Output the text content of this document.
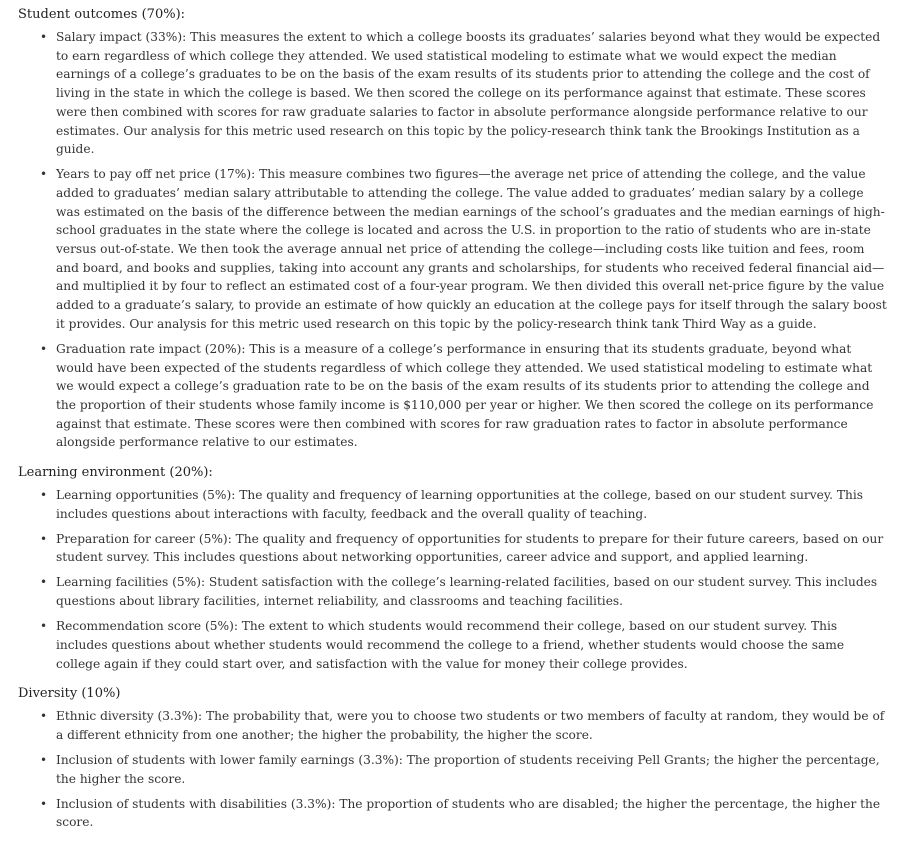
Student outcomes (70%):
• Salary impact (33%): This measures the extent to which a college boosts its graduates’ salaries beyond what they would be expected to earn regardless of which college they attended. We used statistical modeling to estimate what we would expect the median earnings of a college’s graduates to be on the basis of the exam results of its students prior to attending the college and the cost of living in the state in which the college is based. We then scored the college on its performance against that estimate. These scores were then combined with scores for raw graduate salaries to factor in absolute performance alongside performance relative to our estimates. Our analysis for this metric used research on this topic by the policy-research think tank the Brookings Institution as a guide.
• Years to pay off net price (17%): This measure combines two figures—the average net price of attending the college, and the value added to graduates’ median salary attributable to attending the college. The value added to graduates’ median salary by a college was estimated on the basis of the difference between the median earnings of the school’s graduates and the median earnings of high-school graduates in the state where the college is located and across the U.S. in proportion to the ratio of students who are in-state versus out-of-state. We then took the average annual net price of attending the college—including costs like tuition and fees, room and board, and books and supplies, taking into account any grants and scholarships, for students who received federal financial aid—and multiplied it by four to reflect an estimated cost of a four-year program. We then divided this overall net-price figure by the value added to a graduate’s salary, to provide an estimate of how quickly an education at the college pays for itself through the salary boost it provides. Our analysis for this metric used research on this topic by the policy-research think tank Third Way as a guide.
• Graduation rate impact (20%): This is a measure of a college’s performance in ensuring that its students graduate, beyond what would have been expected of the students regardless of which college they attended. We used statistical modeling to estimate what we would expect a college’s graduation rate to be on the basis of the exam results of its students prior to attending the college and the proportion of their students whose family income is $110,000 per year or higher. We then scored the college on its performance against that estimate. These scores were then combined with scores for raw graduation rates to factor in absolute performance alongside performance relative to our estimates.
Learning environment (20%):
• Learning opportunities (5%): The quality and frequency of learning opportunities at the college, based on our student survey. This includes questions about interactions with faculty, feedback and the overall quality of teaching.
• Preparation for career (5%): The quality and frequency of opportunities for students to prepare for their future careers, based on our student survey. This includes questions about networking opportunities, career advice and support, and applied learning.
• Learning facilities (5%): Student satisfaction with the college’s learning-related facilities, based on our student survey. This includes questions about library facilities, internet reliability, and classrooms and teaching facilities.
• Recommendation score (5%): The extent to which students would recommend their college, based on our student survey. This includes questions about whether students would recommend the college to a friend, whether students would choose the same college again if they could start over, and satisfaction with the value for money their college provides.
Diversity (10%)
• Ethnic diversity (3.3%): The probability that, were you to choose two students or two members of faculty at random, they would be of a different ethnicity from one another; the higher the probability, the higher the score.
• Inclusion of students with lower family earnings (3.3%): The proportion of students receiving Pell Grants; the higher the percentage, the higher the score.
• Inclusion of students with disabilities (3.3%): The proportion of students who are disabled; the higher the percentage, the higher the score.
